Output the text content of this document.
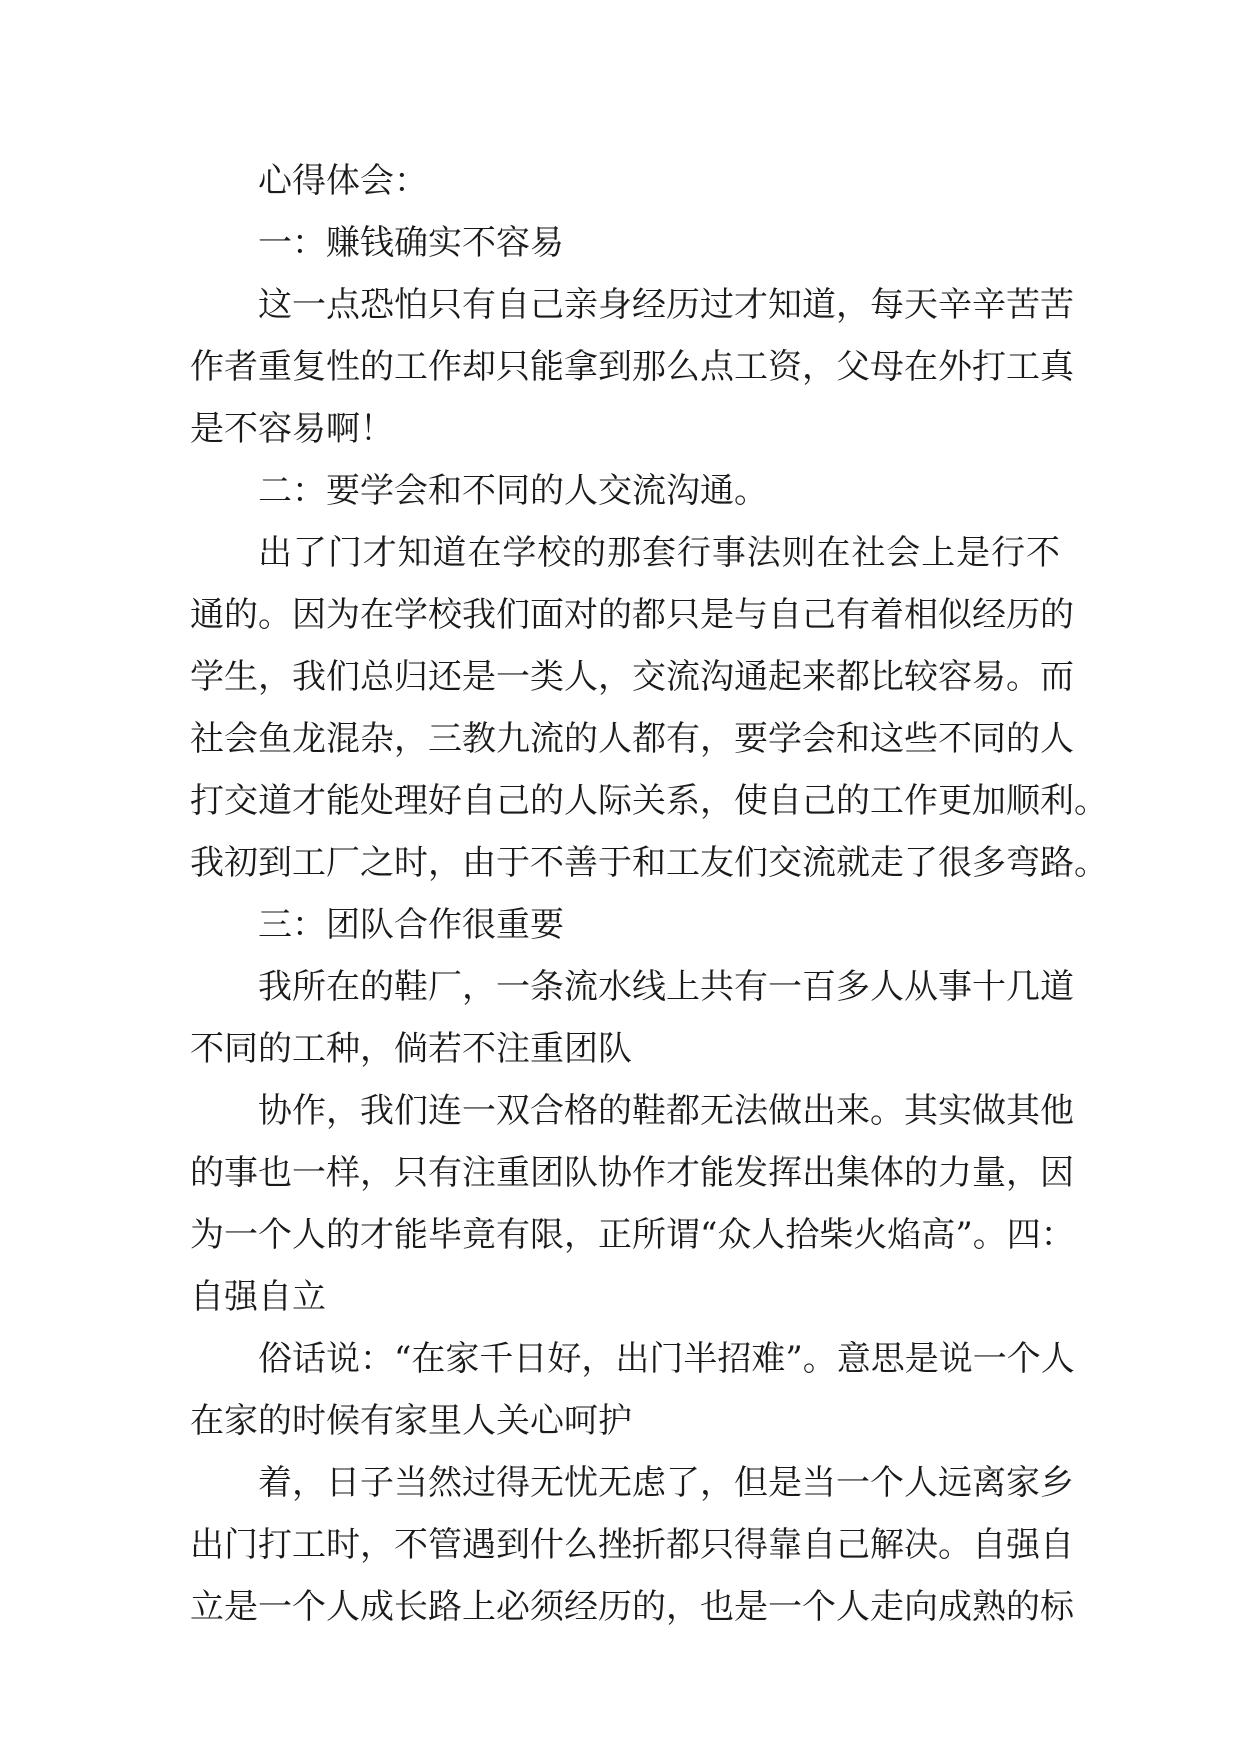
心得体会：
一：赚钱确实不容易
这一点恐怕只有自己亲身经历过才知道，每天辛辛苦苦
作者重复性的工作却只能拿到那么点工资，父母在外打工真
是不容易啊！
二：要学会和不同的人交流沟通。
出了门才知道在学校的那套行事法则在社会上是行不
通的。因为在学校我们面对的都只是与自己有着相似经历的
学生，我们总归还是一类人，交流沟通起来都比较容易。而
社会鱼龙混杂，三教九流的人都有，要学会和这些不同的人
打交道才能处理好自己的人际关系，使自己的工作更加顺利。
我初到工厂之时，由于不善于和工友们交流就走了很多弯路。
三：团队合作很重要
我所在的鞋厂，一条流水线上共有一百多人从事十几道
不同的工种，倘若不注重团队
协作，我们连一双合格的鞋都无法做出来。其实做其他
的事也一样，只有注重团队协作才能发挥出集体的力量，因
为一个人的才能毕竟有限，正所谓“众人拾柴火焰高”。四：
自强自立
俗话说：“在家千日好，出门半招难”。意思是说一个人
在家的时候有家里人关心呵护
着，日子当然过得无忧无虑了，但是当一个人远离家乡
出门打工时，不管遇到什么挫折都只得靠自己解决。自强自
立是一个人成长路上必须经历的，也是一个人走向成熟的标
